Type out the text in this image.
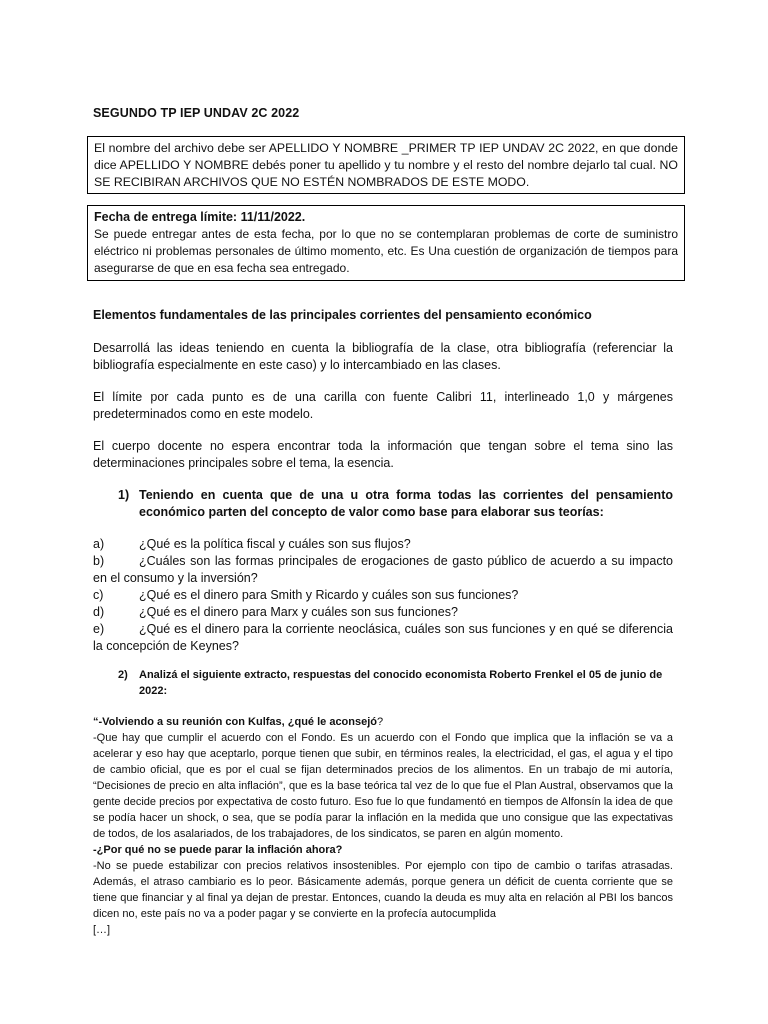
SEGUNDO TP IEP UNDAV 2C 2022
El nombre del archivo debe ser APELLIDO Y NOMBRE _PRIMER TP IEP UNDAV 2C 2022, en que donde dice APELLIDO Y NOMBRE debés poner tu apellido y tu nombre y el resto del nombre dejarlo tal cual. NO SE RECIBIRAN ARCHIVOS QUE NO ESTÉN NOMBRADOS DE ESTE MODO.
Fecha de entrega límite: 11/11/2022.
Se puede entregar antes de esta fecha, por lo que no se contemplaran problemas de corte de suministro eléctrico ni problemas personales de último momento, etc. Es Una cuestión de organización de tiempos para asegurarse de que en esa fecha sea entregado.
Elementos fundamentales de las principales corrientes del pensamiento económico
Desarrollá las ideas teniendo en cuenta la bibliografía de la clase, otra bibliografía (referenciar la bibliografía especialmente en este caso) y lo intercambiado en las clases.
El límite por cada punto es de una carilla con fuente Calibri 11, interlineado 1,0 y márgenes predeterminados como en este modelo.
El cuerpo docente no espera encontrar toda la información que tengan sobre el tema sino las determinaciones principales sobre el tema, la esencia.
1) Teniendo en cuenta que de una u otra forma todas las corrientes del pensamiento económico parten del concepto de valor como base para elaborar sus teorías:
a)	¿Qué es la política fiscal y cuáles son sus flujos?
b)	¿Cuáles son las formas principales de erogaciones de gasto público de acuerdo a su impacto en el consumo y la inversión?
c)	¿Qué es el dinero para Smith y Ricardo y cuáles son sus funciones?
d)	¿Qué es el dinero para Marx y cuáles son sus funciones?
e)	¿Qué es el dinero para la corriente neoclásica, cuáles son sus funciones y en qué se diferencia la concepción de Keynes?
2) Analizá el siguiente extracto, respuestas del conocido economista Roberto Frenkel el 05 de junio de 2022:
“-Volviendo a su reunión con Kulfas, ¿qué le aconsejó?
-Que hay que cumplir el acuerdo con el Fondo. Es un acuerdo con el Fondo que implica que la inflación se va a acelerar y eso hay que aceptarlo, porque tienen que subir, en términos reales, la electricidad, el gas, el agua y el tipo de cambio oficial, que es por el cual se fijan determinados precios de los alimentos. En un trabajo de mi autoría, “Decisiones de precio en alta inflación”, que es la base teórica tal vez de lo que fue el Plan Austral, observamos que la gente decide precios por expectativa de costo futuro. Eso fue lo que fundamentó en tiempos de Alfonsín la idea de que se podía hacer un shock, o sea, que se podía parar la inflación en la medida que uno consigue que las expectativas de todos, de los asalariados, de los trabajadores, de los sindicatos, se paren en algún momento.
-¿Por qué no se puede parar la inflación ahora?
-No se puede estabilizar con precios relativos insostenibles. Por ejemplo con tipo de cambio o tarifas atrasadas. Además, el atraso cambiario es lo peor. Básicamente además, porque genera un déficit de cuenta corriente que se tiene que financiar y al final ya dejan de prestar. Entonces, cuando la deuda es muy alta en relación al PBI los bancos dicen no, este país no va a poder pagar y se convierte en la profecía autocumplida
[…]
